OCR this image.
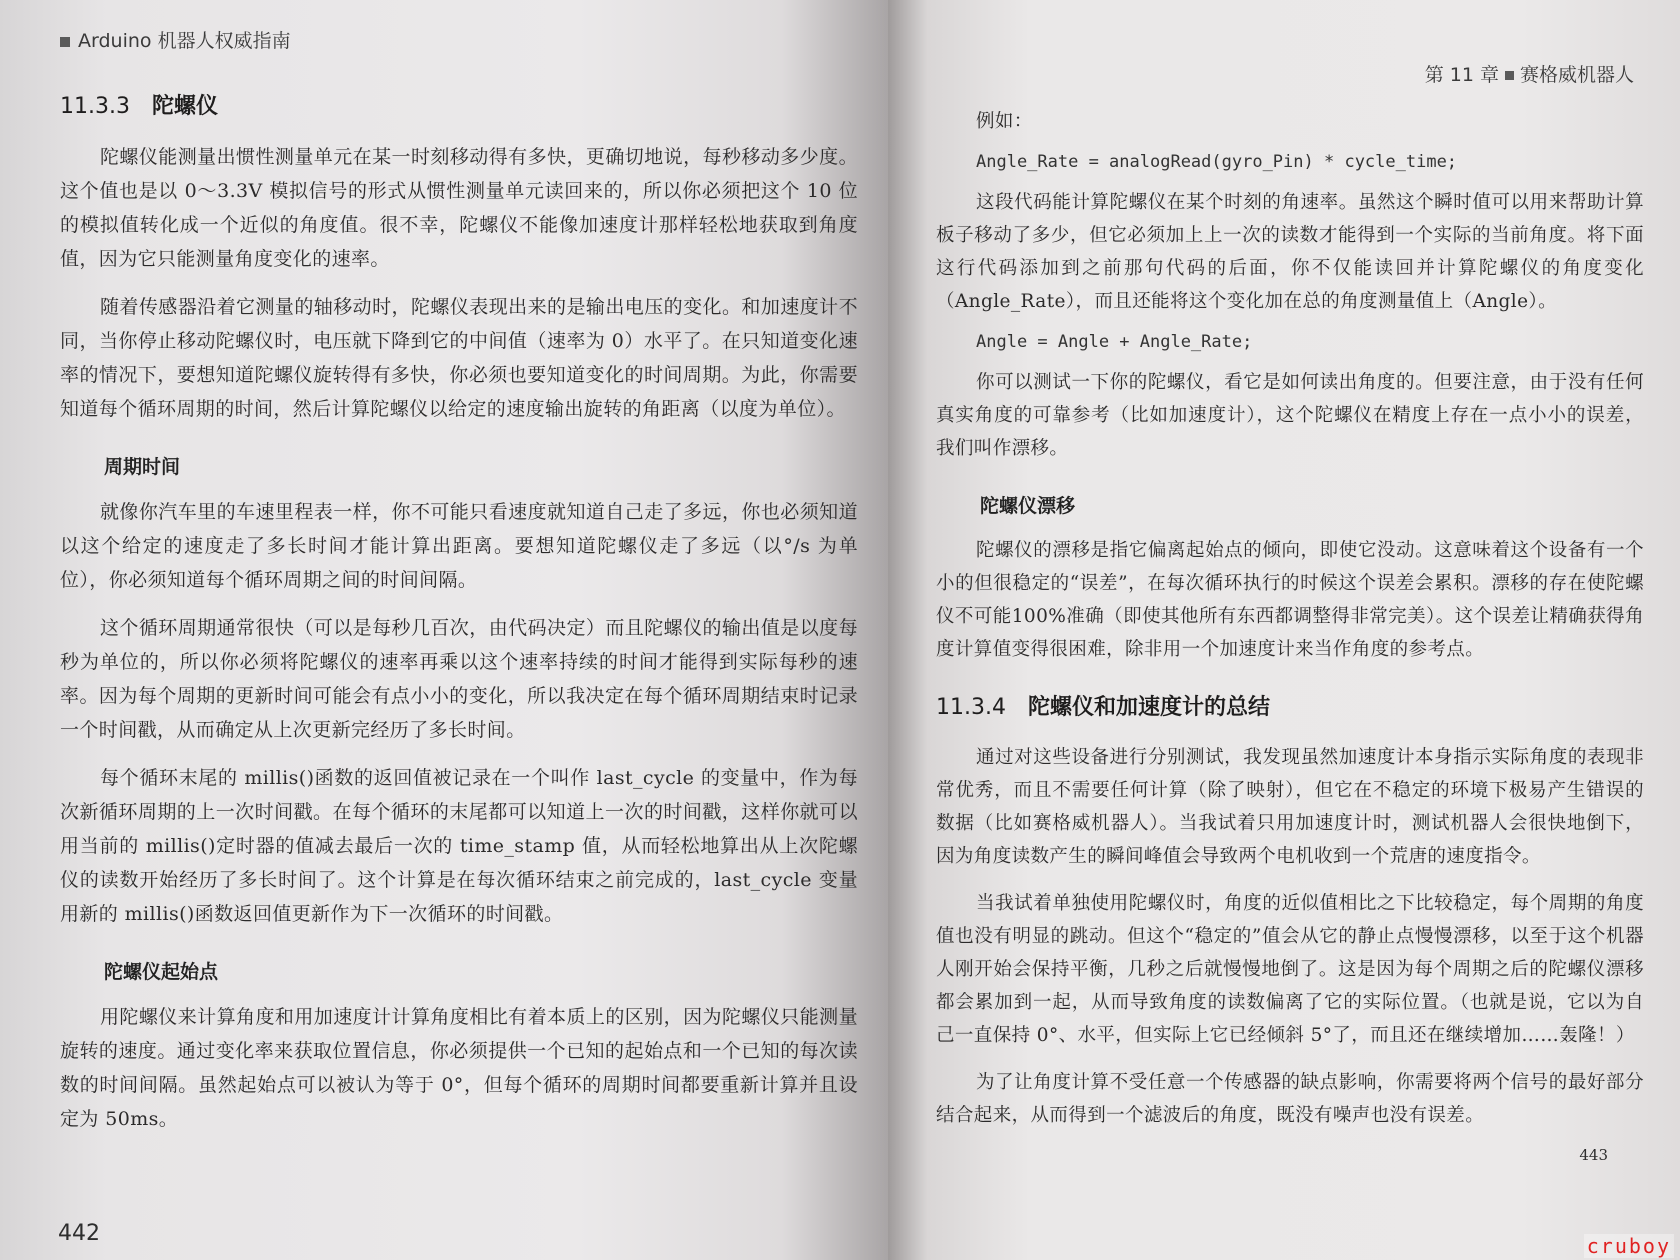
Arduino 机器人权威指南
11.3.3 陀螺仪

陀螺仪能测量出惯性测量单元在某一时刻移动得有多快，更确切地说，每秒移动多少度。这个值也是以 0～3.3V 模拟信号的形式从惯性测量单元读回来的，所以你必须把这个 10 位的模拟值转化成一个近似的角度值。很不幸，陀螺仪不能像加速度计那样轻松地获取到角度值，因为它只能测量角度变化的速率。

随着传感器沿着它测量的轴移动时，陀螺仪表现出来的是输出电压的变化。和加速度计不同，当你停止移动陀螺仪时，电压就下降到它的中间值（速率为 0）水平了。在只知道变化速率的情况下，要想知道陀螺仪旋转得有多快，你必须也要知道变化的时间周期。为此，你需要知道每个循环周期的时间，然后计算陀螺仪以给定的速度输出旋转的角距离（以度为单位）。

周期时间

就像你汽车里的车速里程表一样，你不可能只看速度就知道自己走了多远，你也必须知道以这个给定的速度走了多长时间才能计算出距离。要想知道陀螺仪走了多远（以°/s 为单位），你必须知道每个循环周期之间的时间间隔。

这个循环周期通常很快（可以是每秒几百次，由代码决定）而且陀螺仪的输出值是以度每秒为单位的，所以你必须将陀螺仪的速率再乘以这个速率持续的时间才能得到实际每秒的速率。因为每个周期的更新时间可能会有点小小的变化，所以我决定在每个循环周期结束时记录一个时间戳，从而确定从上次更新完经历了多长时间。

每个循环末尾的 millis()函数的返回值被记录在一个叫作 last_cycle 的变量中，作为每次新循环周期的上一次时间戳。在每个循环的末尾都可以知道上一次的时间戳，这样你就可以用当前的 millis()定时器的值减去最后一次的 time_stamp 值，从而轻松地算出从上次陀螺仪的读数开始经历了多长时间了。这个计算是在每次循环结束之前完成的，last_cycle 变量用新的 millis()函数返回值更新作为下一次循环的时间戳。

陀螺仪起始点

用陀螺仪来计算角度和用加速度计计算角度相比有着本质上的区别，因为陀螺仪只能测量旋转的速度。通过变化率来获取位置信息，你必须提供一个已知的起始点和一个已知的每次读数的时间间隔。虽然起始点可以被认为等于 0°，但每个循环的周期时间都要重新计算并且设定为 50ms。

442
第 11 章 赛格威机器人

例如：

Angle_Rate = analogRead(gyro_Pin) * cycle_time;

这段代码能计算陀螺仪在某个时刻的角速率。虽然这个瞬时值可以用来帮助计算板子移动了多少，但它必须加上上一次的读数才能得到一个实际的当前角度。将下面这行代码添加到之前那句代码的后面，你不仅能读回并计算陀螺仪的角度变化（Angle_Rate），而且还能将这个变化加在总的角度测量值上（Angle）。

Angle = Angle + Angle_Rate;

你可以测试一下你的陀螺仪，看它是如何读出角度的。但要注意，由于没有任何真实角度的可靠参考（比如加速度计），这个陀螺仪在精度上存在一点小小的误差，我们叫作漂移。

陀螺仪漂移

陀螺仪的漂移是指它偏离起始点的倾向，即使它没动。这意味着这个设备有一个小的但很稳定的“误差”，在每次循环执行的时候这个误差会累积。漂移的存在使陀螺仪不可能100%准确（即使其他所有东西都调整得非常完美）。这个误差让精确获得角度计算值变得很困难，除非用一个加速度计来当作角度的参考点。

11.3.4 陀螺仪和加速度计的总结

通过对这些设备进行分别测试，我发现虽然加速度计本身指示实际角度的表现非常优秀，而且不需要任何计算（除了映射），但它在不稳定的环境下极易产生错误的数据（比如赛格威机器人）。当我试着只用加速度计时，测试机器人会很快地倒下，因为角度读数产生的瞬间峰值会导致两个电机收到一个荒唐的速度指令。

当我试着单独使用陀螺仪时，角度的近似值相比之下比较稳定，每个周期的角度值也没有明显的跳动。但这个“稳定的”值会从它的静止点慢慢漂移，以至于这个机器人刚开始会保持平衡，几秒之后就慢慢地倒了。这是因为每个周期之后的陀螺仪漂移都会累加到一起，从而导致角度的读数偏离了它的实际位置。（也就是说，它以为自己一直保持 0°、水平，但实际上它已经倾斜 5°了，而且还在继续增加……轰隆！）

为了让角度计算不受任意一个传感器的缺点影响，你需要将两个信号的最好部分结合起来，从而得到一个滤波后的角度，既没有噪声也没有误差。

443
cruboy
